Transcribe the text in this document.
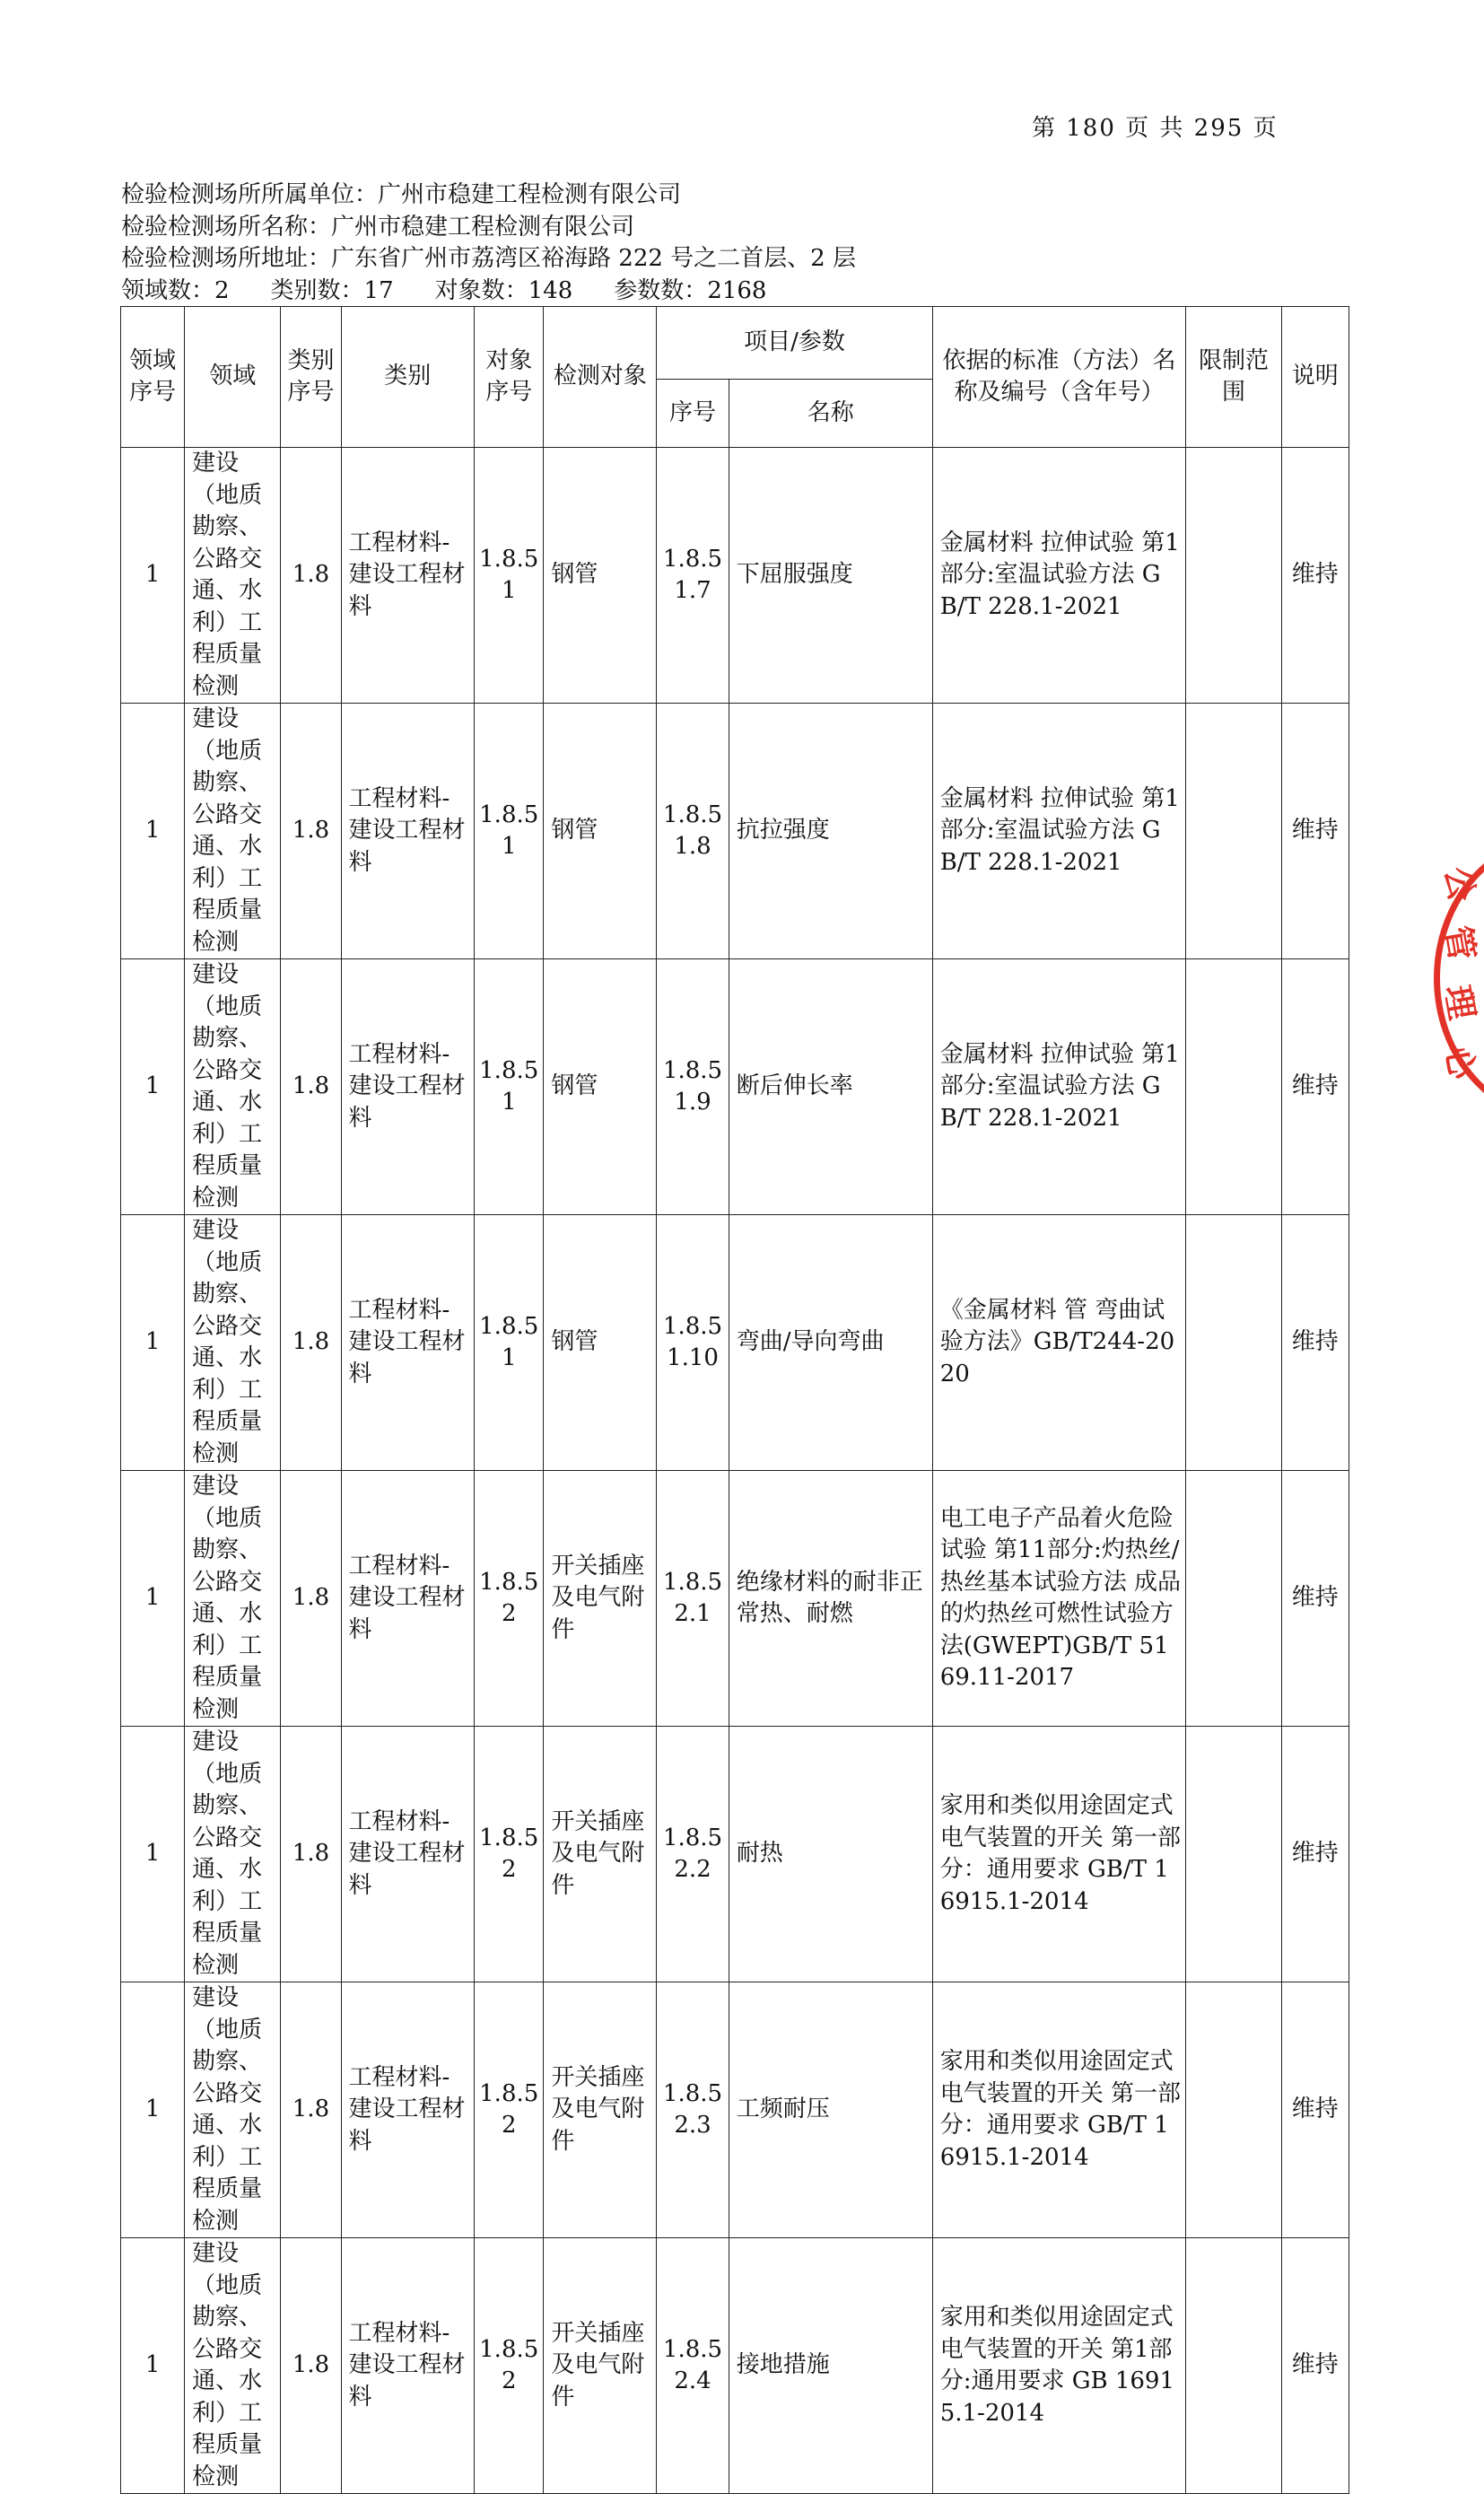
第 180 页 共 295 页
检验检测场所所属单位：广州市稳建工程检测有限公司
检验检测场所名称：广州市稳建工程检测有限公司
检验检测场所地址：广东省广州市荔湾区裕海路 222 号之二首层、2 层
领域数：2 类别数：17 对象数：148 参数数：2168
领域序号	领域	类别序号	类别	对象序号	检测对象	项目/参数		依据的标准（方法）名称及编号（含年号）	限制范围	说明
						序号	名称			
1	建设（地质勘察、公路交通、水利）工程质量检测	1.8	工程材料-建设工程材料	1.8.51	钢管	1.8.51.7	下屈服强度	金属材料 拉伸试验 第1部分:室温试验方法 GB/T 228.1-2021		维持
1	建设（地质勘察、公路交通、水利）工程质量检测	1.8	工程材料-建设工程材料	1.8.51	钢管	1.8.51.8	抗拉强度	金属材料 拉伸试验 第1部分:室温试验方法 GB/T 228.1-2021		维持
1	建设（地质勘察、公路交通、水利）工程质量检测	1.8	工程材料-建设工程材料	1.8.51	钢管	1.8.51.9	断后伸长率	金属材料 拉伸试验 第1部分:室温试验方法 GB/T 228.1-2021		维持
1	建设（地质勘察、公路交通、水利）工程质量检测	1.8	工程材料-建设工程材料	1.8.51	钢管	1.8.51.10	弯曲/导向弯曲	《金属材料 管 弯曲试验方法》GB/T244-2020		维持
1	建设（地质勘察、公路交通、水利）工程质量检测	1.8	工程材料-建设工程材料	1.8.52	开关插座及电气附件	1.8.52.1	绝缘材料的耐非正常热、耐燃	电工电子产品着火危险试验 第11部分:灼热丝/热丝基本试验方法 成品的灼热丝可燃性试验方法(GWEPT)GB/T 5169.11-2017		维持
1	建设（地质勘察、公路交通、水利）工程质量检测	1.8	工程材料-建设工程材料	1.8.52	开关插座及电气附件	1.8.52.2	耐热	家用和类似用途固定式电气装置的开关 第一部分：通用要求 GB/T 16915.1-2014		维持
1	建设（地质勘察、公路交通、水利）工程质量检测	1.8	工程材料-建设工程材料	1.8.52	开关插座及电气附件	1.8.52.3	工频耐压	家用和类似用途固定式电气装置的开关 第一部分：通用要求 GB/T 16915.1-2014		维持
1	建设（地质勘察、公路交通、水利）工程质量检测	1.8	工程材料-建设工程材料	1.8.52	开关插座及电气附件	1.8.52.4	接地措施	家用和类似用途固定式电气装置的开关 第1部分:通用要求 GB 16915.1-2014		维持
公
管
理
心
